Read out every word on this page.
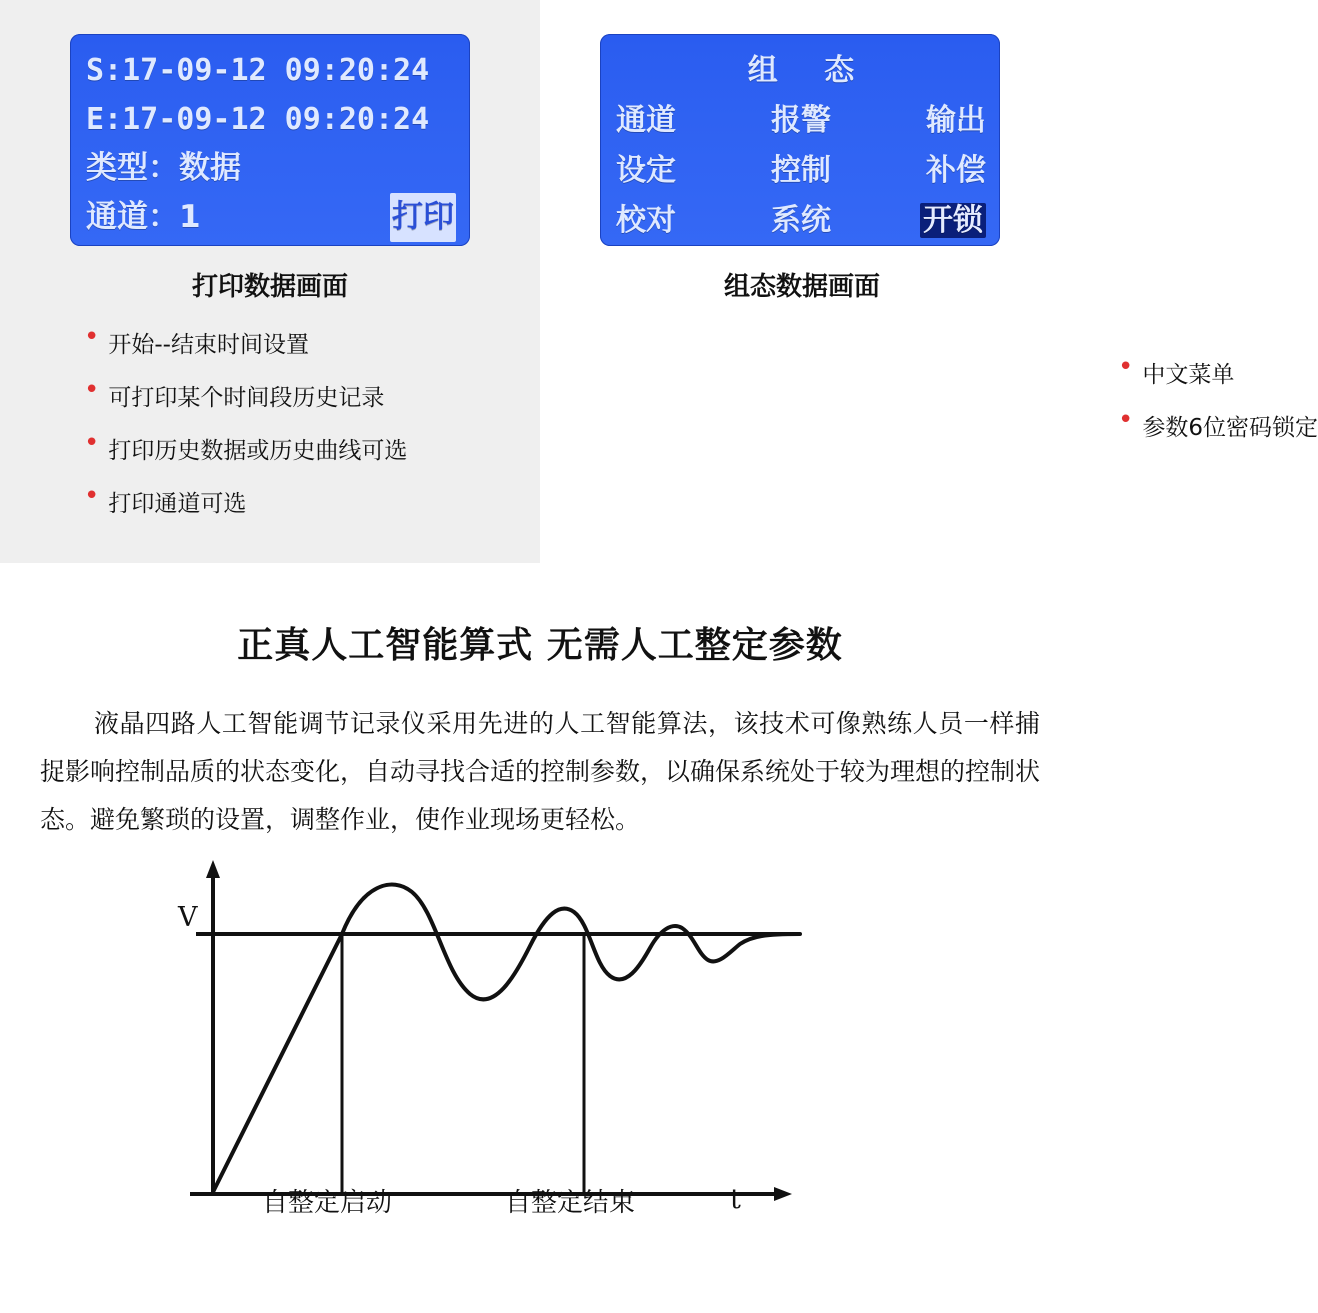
S:17-09-12 09:20:24
E:17-09-12 09:20:24
类型：数据
通道：1	打印
打印数据画面
• 开始--结束时间设置
• 可打印某个时间段历史记录
• 打印历史数据或历史曲线可选
• 打印通道可选
组 态
通道	报警	输出
设定	控制	补偿
校对	系统	开锁
组态数据画面
• 中文菜单
• 参数6位密码锁定
正真人工智能算式 无需人工整定参数
液晶四路人工智能调节记录仪采用先进的人工智能算法，该技术可像熟练人员一样捕捉影响控制品质的状态变化，自动寻找合适的控制参数，以确保系统处于较为理想的控制状态。避免繁琐的设置，调整作业，使作业现场更轻松。
V
t
自整定启动	自整定结束
